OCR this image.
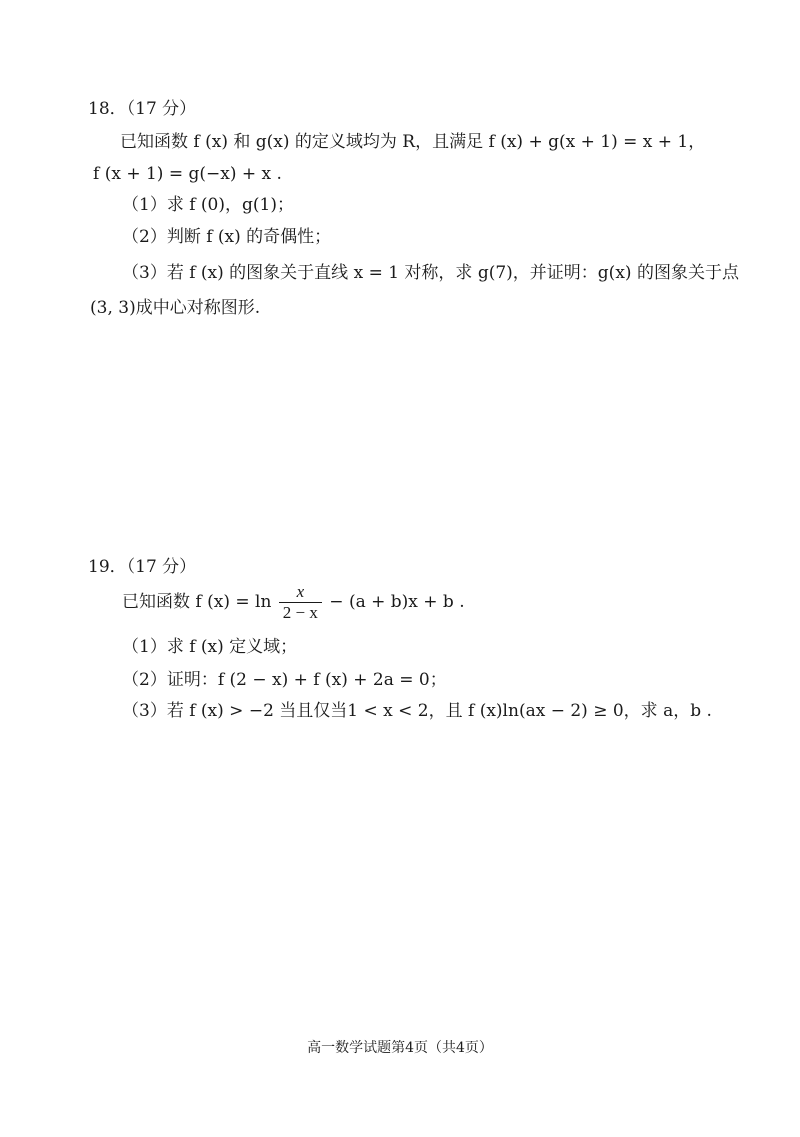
18．（17 分）
已知函数 f (x) 和 g(x) 的定义域均为 R，且满足 f (x) + g(x + 1) = x + 1，
f (x + 1) = g(−x) + x .
（1）求 f (0)，g(1)；
（2）判断 f (x) 的奇偶性；
（3）若 f (x) 的图象关于直线 x = 1 对称，求 g(7)，并证明：g(x) 的图象关于点
(3, 3)成中心对称图形.
19．（17 分）
已知函数 f $(x) = \ln \frac{x}{2 - x} - (a + b)x + b$ .
（1）求 f (x) 定义域；
（2）证明：f (2 − x) + f (x) + 2a = 0；
（3）若 f (x) > −2 当且仅当1 < x < 2，且 f (x)ln(ax − 2) ≥ 0，求 a，b .
高一数学试题第4页（共4页）
